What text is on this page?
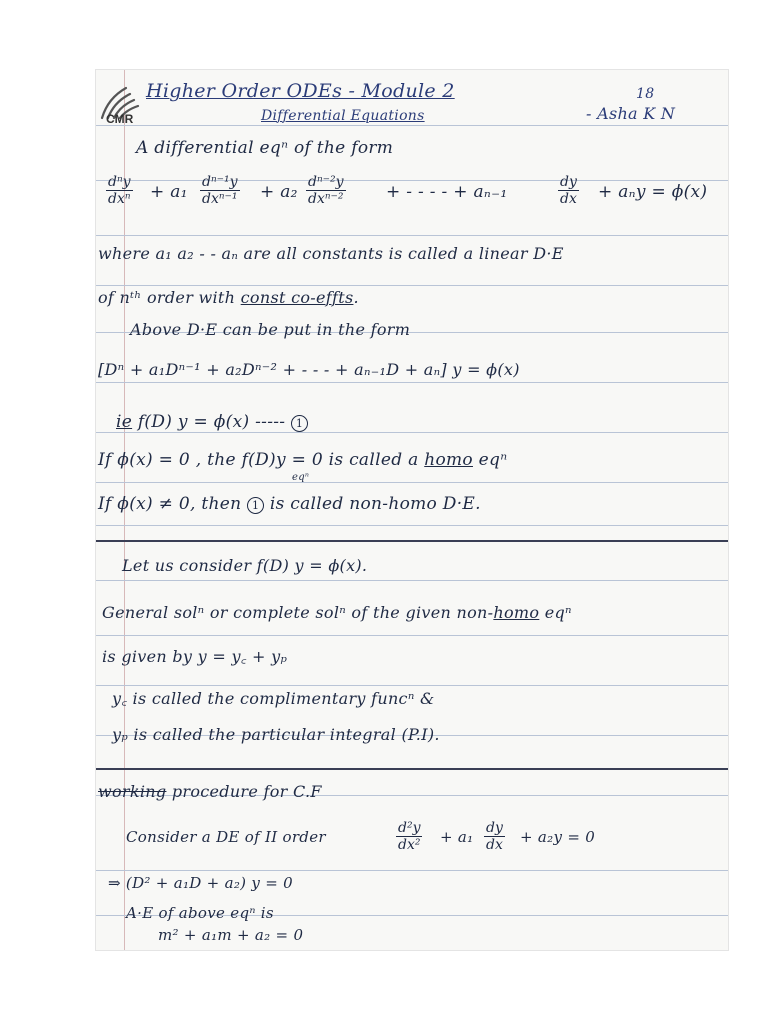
CMR
Higher Order ODEs - Module 2	18
Differential Equations	- Asha K N
A differential eqⁿ of the form
dⁿy
dxⁿ + a₁ dⁿ⁻¹y
dxⁿ⁻¹ + a₂ dⁿ⁻²y
dxⁿ⁻² + - - - - + aₙ₋₁	$\frac{dy}{dx} + a_ny = \phi(x)$
where a₁ a₂ - - aₙ are all constants is called a linear D·E
of nᵗʰ order with const co-effts.
Above D·E can be put in the form
[Dⁿ + a₁Dⁿ⁻¹ + a₂Dⁿ⁻² + - - - + aₙ₋₁D + aₙ] y = ϕ(x)
ie f(D) y = ϕ(x) ----- 1
If ϕ(x) = 0 , the f(D)y = 0 is called a homo eqⁿ
eqⁿ
If ϕ(x) ≠ 0, then 1 is called non-homo D·E.
Let us consider f(D) y = ϕ(x).
General solⁿ or complete solⁿ of the given non-homo eqⁿ
is given by y = y꜀ + yₚ
y꜀ is called the complimentary funcⁿ &
yₚ is called the particular integral (P.I).
working procedure for C.F
Consider a DE of II order	$\frac{\text{d²y}}{\text{dx²}} + a_1 \frac{dy}{dx} + a_2y = 0$
⇒ (D² + a₁D + a₂) y = 0
A·E of above eqⁿ is
m² + a₁m + a₂ = 0
